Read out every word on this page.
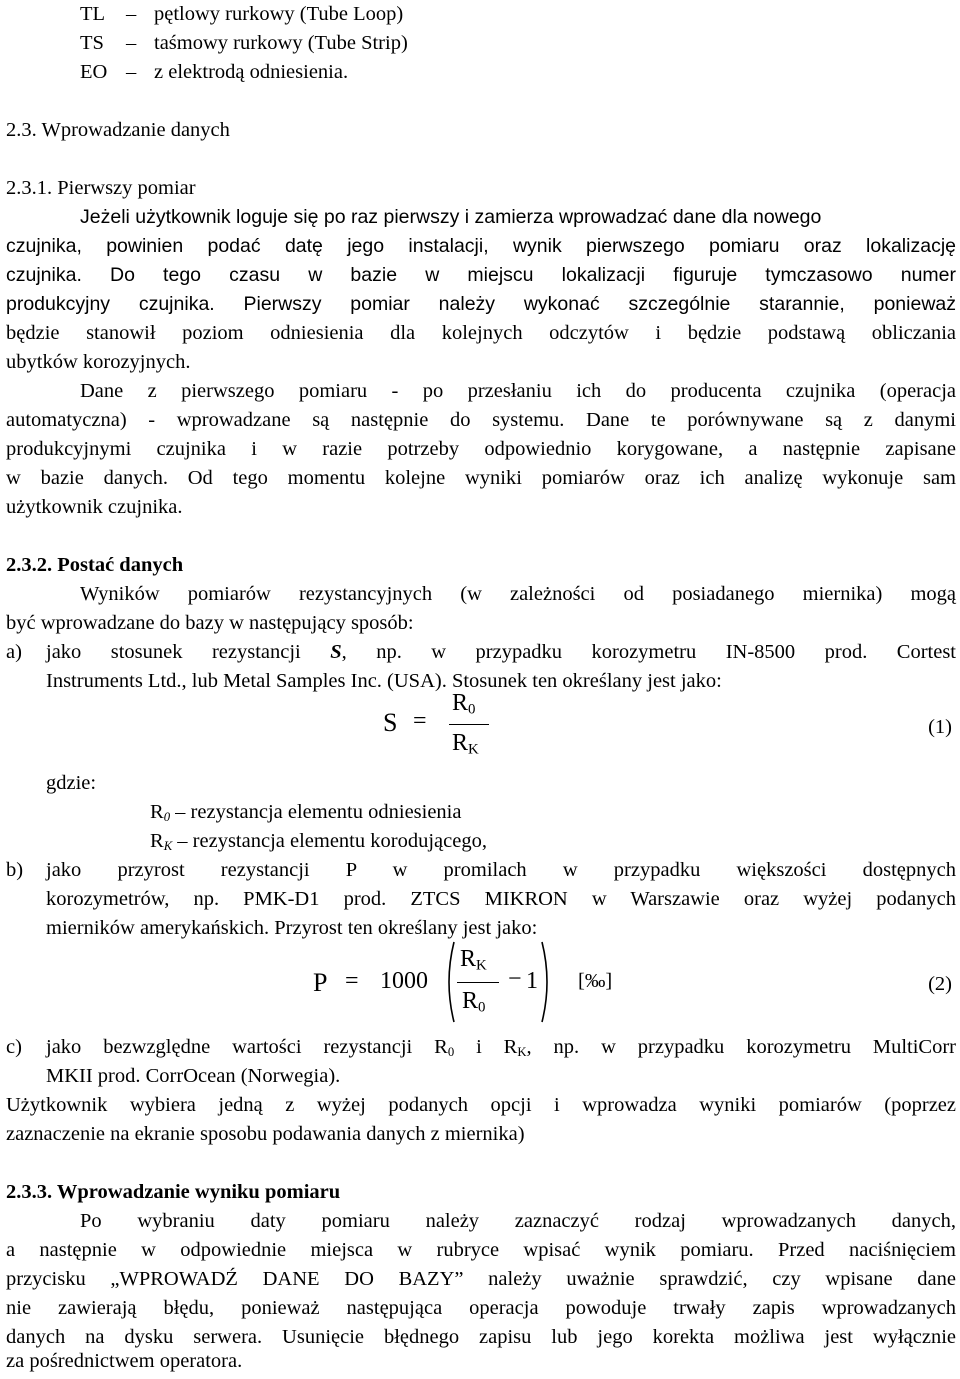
TL – pętlowy rurkowy (Tube Loop)
TS – taśmowy rurkowy (Tube Strip)
EO – z elektrodą odniesienia.
2.3. Wprowadzanie danych
2.3.1. Pierwszy pomiar
Jeżeli użytkownik loguje się po raz pierwszy i zamierza wprowadzać dane dla nowego
czujnika, powinien podać datę jego instalacji, wynik pierwszego pomiaru oraz lokalizację
czujnika. Do tego czasu w bazie w miejscu lokalizacji figuruje tymczasowo numer
produkcyjny czujnika. Pierwszy pomiar należy wykonać szczególnie starannie, ponieważ
będzie stanowił poziom odniesienia dla kolejnych odczytów i będzie podstawą obliczania
ubytków korozyjnych.
Dane z pierwszego pomiaru - po przesłaniu ich do producenta czujnika (operacja
automatyczna) - wprowadzane są następnie do systemu. Dane te porównywane są z danymi
produkcyjnymi czujnika i w razie potrzeby odpowiednio korygowane, a następnie zapisane
w bazie danych. Od tego momentu kolejne wyniki pomiarów oraz ich analizę wykonuje sam
użytkownik czujnika.
2.3.2. Postać danych
Wyników pomiarów rezystancyjnych (w zależności od posiadanego miernika) mogą
być wprowadzane do bazy w następujący sposób:
a) jako stosunek rezystancji S, np. w przypadku korozymetru IN-8500 prod. Cortest
Instruments Ltd., lub Metal Samples Inc. (USA). Stosunek ten określany jest jako:
S =
$R_0$
$R_K$
(1)
gdzie:
$R_0$ – rezystancja elementu odniesienia
$R_K$ – rezystancja elementu korodującego,
b) jako przyrost rezystancji P w promilach w przypadku większości dostępnych
korozymetrów, np. PMK-D1 prod. ZTCS MIKRON w Warszawie oraz wyżej podanych
mierników amerykańskich. Przyrost ten określany jest jako:
P = 1000
$R_K$
$R_0$
− 1 [‰]	(2)
c) jako bezwzględne wartości rezystancji $R_0$ i $R_K$, np. w przypadku korozymetru MultiCorr
MKII prod. CorrOcean (Norwegia).
Użytkownik wybiera jedną z wyżej podanych opcji i wprowadza wyniki pomiarów (poprzez
zaznaczenie na ekranie sposobu podawania danych z miernika)
2.3.3. Wprowadzanie wyniku pomiaru
Po wybraniu daty pomiaru należy zaznaczyć rodzaj wprowadzanych danych,
a następnie w odpowiednie miejsca w rubryce wpisać wynik pomiaru. Przed naciśnięciem
przycisku „WPROWADŹ DANE DO BAZY” należy uważnie sprawdzić, czy wpisane dane
nie zawierają błędu, ponieważ następująca operacja powoduje trwały zapis wprowadzanych
danych na dysku serwera. Usunięcie błędnego zapisu lub jego korekta możliwa jest wyłącznie
za pośrednictwem operatora.
